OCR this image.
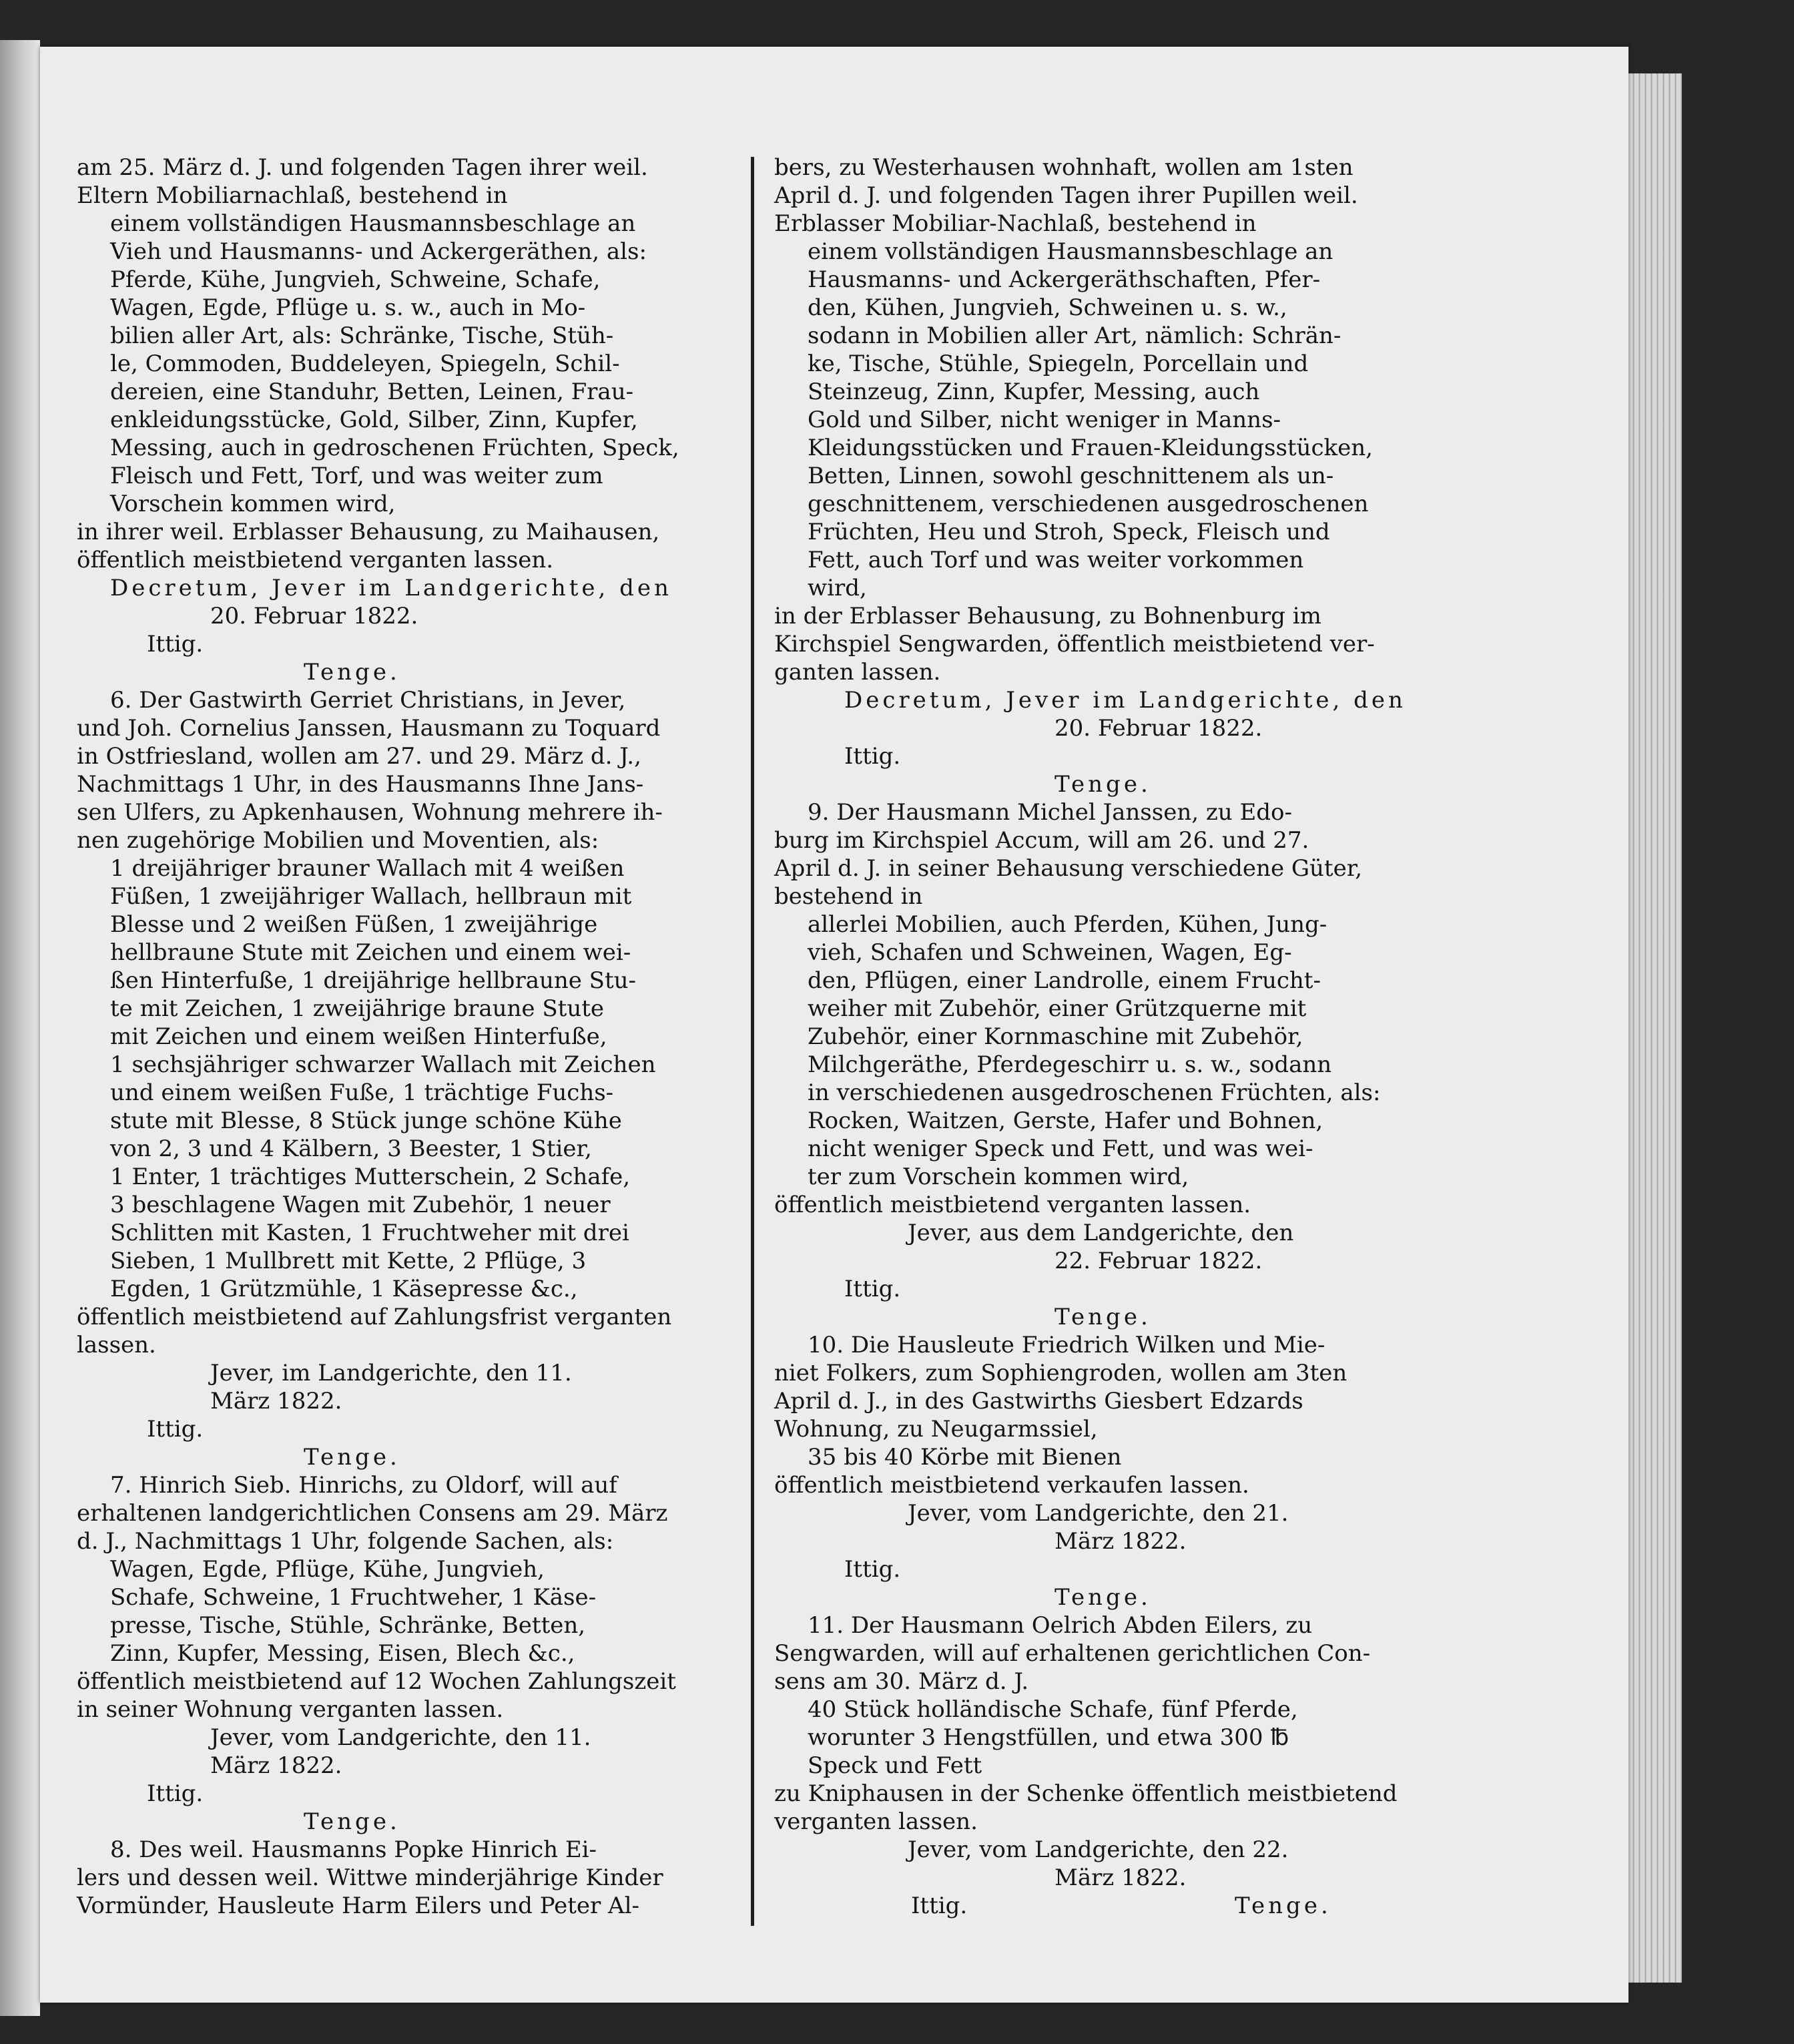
am 25. März d. J. und folgenden Tagen ihrer weil.
Eltern Mobiliarnachlaß, bestehend in
einem vollständigen Hausmannsbeschlage an
Vieh und Hausmanns- und Ackergeräthen, als:
Pferde, Kühe, Jungvieh, Schweine, Schafe,
Wagen, Egde, Pflüge u. s. w., auch in Mo-
bilien aller Art, als: Schränke, Tische, Stüh-
le, Commoden, Buddeleyen, Spiegeln, Schil-
dereien, eine Standuhr, Betten, Leinen, Frau-
enkleidungsstücke, Gold, Silber, Zinn, Kupfer,
Messing, auch in gedroschenen Früchten, Speck,
Fleisch und Fett, Torf, und was weiter zum
Vorschein kommen wird,
in ihrer weil. Erblasser Behausung, zu Maihausen,
öffentlich meistbietend verganten lassen.
Decretum, Jever im Landgerichte, den
20. Februar 1822.
Ittig.
Tenge.
6. Der Gastwirth Gerriet Christians, in Jever,
und Joh. Cornelius Janssen, Hausmann zu Toquard
in Ostfriesland, wollen am 27. und 29. März d. J.,
Nachmittags 1 Uhr, in des Hausmanns Ihne Jans-
sen Ulfers, zu Apkenhausen, Wohnung mehrere ih-
nen zugehörige Mobilien und Moventien, als:
1 dreijähriger brauner Wallach mit 4 weißen
Füßen, 1 zweijähriger Wallach, hellbraun mit
Blesse und 2 weißen Füßen, 1 zweijährige
hellbraune Stute mit Zeichen und einem wei-
ßen Hinterfuße, 1 dreijährige hellbraune Stu-
te mit Zeichen, 1 zweijährige braune Stute
mit Zeichen und einem weißen Hinterfuße,
1 sechsjähriger schwarzer Wallach mit Zeichen
und einem weißen Fuße, 1 trächtige Fuchs-
stute mit Blesse, 8 Stück junge schöne Kühe
von 2, 3 und 4 Kälbern, 3 Beester, 1 Stier,
1 Enter, 1 trächtiges Mutterschein, 2 Schafe,
3 beschlagene Wagen mit Zubehör, 1 neuer
Schlitten mit Kasten, 1 Fruchtweher mit drei
Sieben, 1 Mullbrett mit Kette, 2 Pflüge, 3
Egden, 1 Grützmühle, 1 Käsepresse &c.,
öffentlich meistbietend auf Zahlungsfrist verganten
lassen.
Jever, im Landgerichte, den 11.
März 1822.
Ittig.
Tenge.
7. Hinrich Sieb. Hinrichs, zu Oldorf, will auf
erhaltenen landgerichtlichen Consens am 29. März
d. J., Nachmittags 1 Uhr, folgende Sachen, als:
Wagen, Egde, Pflüge, Kühe, Jungvieh,
Schafe, Schweine, 1 Fruchtweher, 1 Käse-
presse, Tische, Stühle, Schränke, Betten,
Zinn, Kupfer, Messing, Eisen, Blech &c.,
öffentlich meistbietend auf 12 Wochen Zahlungszeit
in seiner Wohnung verganten lassen.
Jever, vom Landgerichte, den 11.
März 1822.
Ittig.
Tenge.
8. Des weil. Hausmanns Popke Hinrich Ei-
lers und dessen weil. Wittwe minderjährige Kinder
Vormünder, Hausleute Harm Eilers und Peter Al-
bers, zu Westerhausen wohnhaft, wollen am 1sten
April d. J. und folgenden Tagen ihrer Pupillen weil.
Erblasser Mobiliar-Nachlaß, bestehend in
einem vollständigen Hausmannsbeschlage an
Hausmanns- und Ackergeräthschaften, Pfer-
den, Kühen, Jungvieh, Schweinen u. s. w.,
sodann in Mobilien aller Art, nämlich: Schrän-
ke, Tische, Stühle, Spiegeln, Porcellain und
Steinzeug, Zinn, Kupfer, Messing, auch
Gold und Silber, nicht weniger in Manns-
Kleidungsstücken und Frauen-Kleidungsstücken,
Betten, Linnen, sowohl geschnittenem als un-
geschnittenem, verschiedenen ausgedroschenen
Früchten, Heu und Stroh, Speck, Fleisch und
Fett, auch Torf und was weiter vorkommen
wird,
in der Erblasser Behausung, zu Bohnenburg im
Kirchspiel Sengwarden, öffentlich meistbietend ver-
ganten lassen.
Decretum, Jever im Landgerichte, den
20. Februar 1822.
Ittig.
Tenge.
9. Der Hausmann Michel Janssen, zu Edo-
burg im Kirchspiel Accum, will am 26. und 27.
April d. J. in seiner Behausung verschiedene Güter,
bestehend in
allerlei Mobilien, auch Pferden, Kühen, Jung-
vieh, Schafen und Schweinen, Wagen, Eg-
den, Pflügen, einer Landrolle, einem Frucht-
weiher mit Zubehör, einer Grützquerne mit
Zubehör, einer Kornmaschine mit Zubehör,
Milchgeräthe, Pferdegeschirr u. s. w., sodann
in verschiedenen ausgedroschenen Früchten, als:
Rocken, Waitzen, Gerste, Hafer und Bohnen,
nicht weniger Speck und Fett, und was wei-
ter zum Vorschein kommen wird,
öffentlich meistbietend verganten lassen.
Jever, aus dem Landgerichte, den
22. Februar 1822.
Ittig.
Tenge.
10. Die Hausleute Friedrich Wilken und Mie-
niet Folkers, zum Sophiengroden, wollen am 3ten
April d. J., in des Gastwirths Giesbert Edzards
Wohnung, zu Neugarmssiel,
35 bis 40 Körbe mit Bienen
öffentlich meistbietend verkaufen lassen.
Jever, vom Landgerichte, den 21.
März 1822.
Ittig.
Tenge.
11. Der Hausmann Oelrich Abden Eilers, zu
Sengwarden, will auf erhaltenen gerichtlichen Con-
sens am 30. März d. J.
40 Stück holländische Schafe, fünf Pferde,
worunter 3 Hengstfüllen, und etwa 300 ℔
Speck und Fett
zu Kniphausen in der Schenke öffentlich meistbietend
verganten lassen.
Jever, vom Landgerichte, den 22.
März 1822.
Ittig.	Tenge.
